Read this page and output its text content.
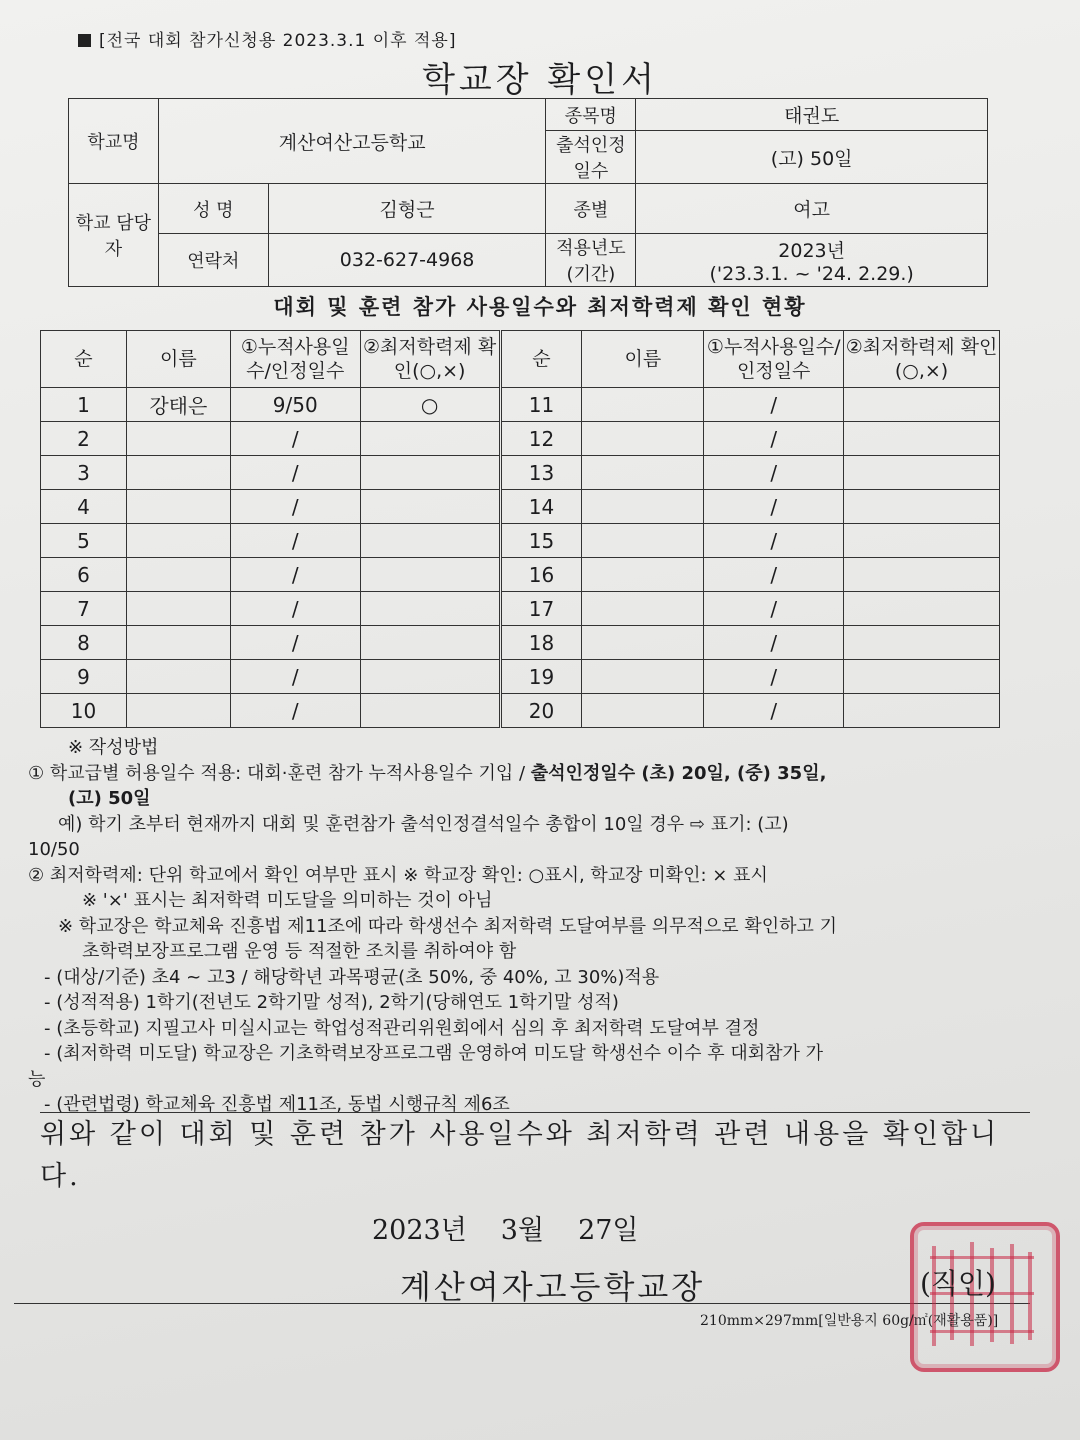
[전국 대회 참가신청용 2023.3.1 이후 적용]
학교장 확인서
학교명	계산여산고등학교		종목명	태권도
			출석인정 일수	(고) 50일
학교 담당자	성 명	김형근	종별	여고
	연락처	032-627-4968	적용년도 (기간)	2023년
('23.3.1. ~ '24. 2.29.)
대회 및 훈련 참가 사용일수와 최저학력제 확인 현황
순	이름	①누적사용일수/인정일수	②최저학력제 확인(○,×)	순	이름	①누적사용일수/인정일수	②최저학력제 확인(○,×)
1	강태은	9/50	○	11		/	
2		/		12		/	
3		/		13		/	
4		/		14		/	
5		/		15		/	
6		/		16		/	
7		/		17		/	
8		/		18		/	
9		/		19		/	
10		/		20		/	

※ 작성방법

① 학교급별 허용일수 적용: 대회·훈련 참가 누적사용일수 기입 / 출석인정일수 (초) 20일, (중) 35일,

(고) 50일

예) 학기 초부터 현재까지 대회 및 훈련참가 출석인정결석일수 총합이 10일 경우 ⇨ 표기: (고)

10/50

② 최저학력제: 단위 학교에서 확인 여부만 표시 ※ 학교장 확인: ○표시, 학교장 미확인: × 표시

※ '×' 표시는 최저학력 미도달을 의미하는 것이 아님

※ 학교장은 학교체육 진흥법 제11조에 따라 학생선수 최저학력 도달여부를 의무적으로 확인하고 기

초학력보장프로그램 운영 등 적절한 조치를 취하여야 함

- (대상/기준) 초4 ~ 고3 / 해당학년 과목평균(초 50%, 중 40%, 고 30%)적용

- (성적적용) 1학기(전년도 2학기말 성적), 2학기(당해연도 1학기말 성적)

- (초등학교) 지필고사 미실시교는 학업성적관리위원회에서 심의 후 최저학력 도달여부 결정

- (최저학력 미도달) 학교장은 기초학력보장프로그램 운영하여 미도달 학생선수 이수 후 대회참가 가

능

- (관련법령) 학교체육 진흥법 제11조, 동법 시행규칙 제6조

위와 같이 대회 및 훈련 참가 사용일수와 최저학력 관련 내용을 확인합니다.
2023년 3월 27일
계산여자고등학교장	(직인)
210mm×297mm[일반용지 60g/㎡(재활용품)]
